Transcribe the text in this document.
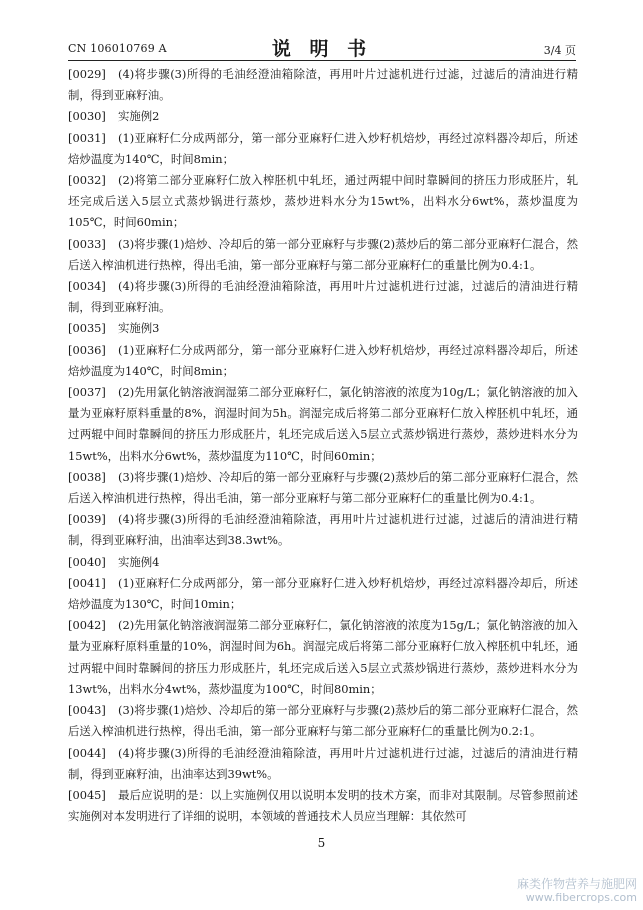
CN 106010769 A	说 明 书	3/4 页

[0029] (4)将步骤(3)所得的毛油经澄油箱除渣，再用叶片过滤机进行过滤，过滤后的清油进行精制，得到亚麻籽油。

[0030] 实施例2

[0031] (1)亚麻籽仁分成两部分，第一部分亚麻籽仁进入炒籽机焙炒，再经过凉料器冷却后，所述焙炒温度为140℃，时间8min；

[0032] (2)将第二部分亚麻籽仁放入榨胚机中轧坯，通过两辊中间时靠瞬间的挤压力形成胚片，轧坯完成后送入5层立式蒸炒锅进行蒸炒，蒸炒进料水分为15wt%，出料水分6wt%，蒸炒温度为105℃，时间60min；

[0033] (3)将步骤(1)焙炒、冷却后的第一部分亚麻籽与步骤(2)蒸炒后的第二部分亚麻籽仁混合，然后送入榨油机进行热榨，得出毛油，第一部分亚麻籽与第二部分亚麻籽仁的重量比例为0.4:1。

[0034] (4)将步骤(3)所得的毛油经澄油箱除渣，再用叶片过滤机进行过滤，过滤后的清油进行精制，得到亚麻籽油。

[0035] 实施例3

[0036] (1)亚麻籽仁分成两部分，第一部分亚麻籽仁进入炒籽机焙炒，再经过凉料器冷却后，所述焙炒温度为140℃，时间8min；

[0037] (2)先用氯化钠溶液润湿第二部分亚麻籽仁，氯化钠溶液的浓度为10g/L；氯化钠溶液的加入量为亚麻籽原料重量的8%，润湿时间为5h。润湿完成后将第二部分亚麻籽仁放入榨胚机中轧坯，通过两辊中间时靠瞬间的挤压力形成胚片，轧坯完成后送入5层立式蒸炒锅进行蒸炒，蒸炒进料水分为15wt%，出料水分6wt%，蒸炒温度为110℃，时间60min；

[0038] (3)将步骤(1)焙炒、冷却后的第一部分亚麻籽与步骤(2)蒸炒后的第二部分亚麻籽仁混合，然后送入榨油机进行热榨，得出毛油，第一部分亚麻籽与第二部分亚麻籽仁的重量比例为0.4:1。

[0039] (4)将步骤(3)所得的毛油经澄油箱除渣，再用叶片过滤机进行过滤，过滤后的清油进行精制，得到亚麻籽油，出油率达到38.3wt%。

[0040] 实施例4

[0041] (1)亚麻籽仁分成两部分，第一部分亚麻籽仁进入炒籽机焙炒，再经过凉料器冷却后，所述焙炒温度为130℃，时间10min；

[0042] (2)先用氯化钠溶液润湿第二部分亚麻籽仁，氯化钠溶液的浓度为15g/L；氯化钠溶液的加入量为亚麻籽原料重量的10%，润湿时间为6h。润湿完成后将第二部分亚麻籽仁放入榨胚机中轧坯，通过两辊中间时靠瞬间的挤压力形成胚片，轧坯完成后送入5层立式蒸炒锅进行蒸炒，蒸炒进料水分为13wt%，出料水分4wt%，蒸炒温度为100℃，时间80min；

[0043] (3)将步骤(1)焙炒、冷却后的第一部分亚麻籽与步骤(2)蒸炒后的第二部分亚麻籽仁混合，然后送入榨油机进行热榨，得出毛油，第一部分亚麻籽与第二部分亚麻籽仁的重量比例为0.2:1。

[0044] (4)将步骤(3)所得的毛油经澄油箱除渣，再用叶片过滤机进行过滤，过滤后的清油进行精制，得到亚麻籽油，出油率达到39wt%。

[0045] 最后应说明的是：以上实施例仅用以说明本发明的技术方案，而非对其限制。尽管参照前述实施例对本发明进行了详细的说明，本领域的普通技术人员应当理解：其依然可

5
麻类作物营养与施肥网
www.fibercrops.com
